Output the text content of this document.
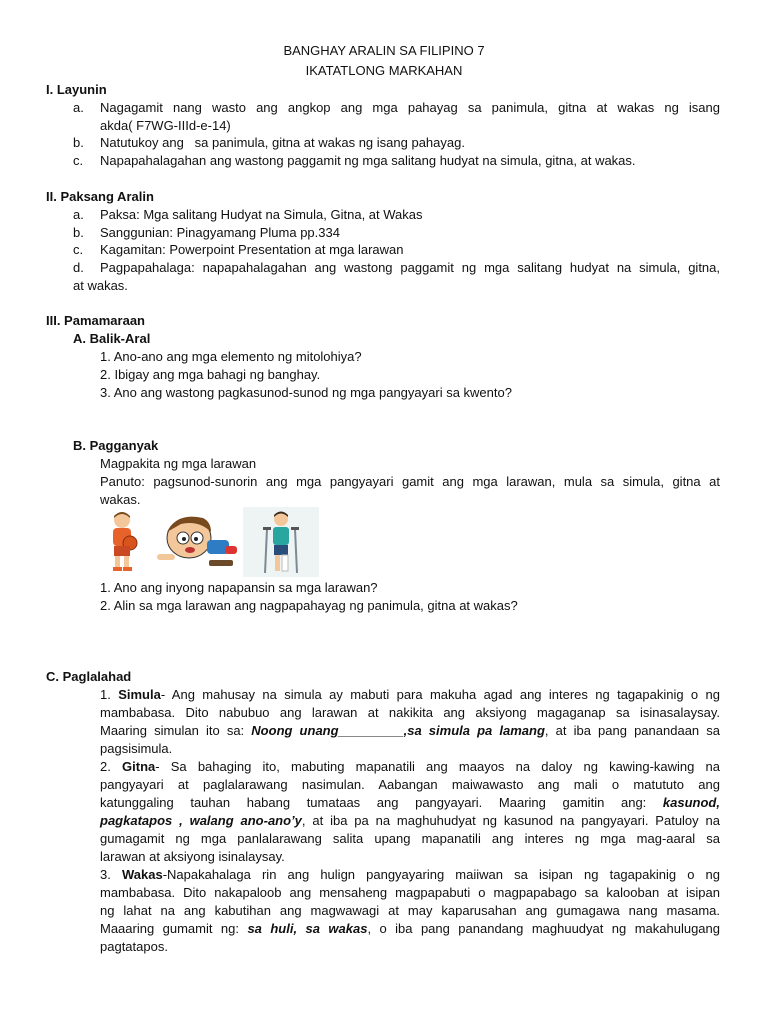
BANGHAY ARALIN SA FILIPINO 7
IKATATLONG MARKAHAN
I. Layunin
a. Nagagamit nang wasto ang angkop ang mga pahayag sa panimula, gitna at wakas ng isang
akda( F7WG-IIId-e-14)
b. Natutukoy ang   sa panimula, gitna at wakas ng isang pahayag.
c. Napapahalagahan ang wastong paggamit ng mga salitang hudyat na simula, gitna, at wakas.
II. Paksang Aralin
a. Paksa: Mga salitang Hudyat na Simula, Gitna, at Wakas
b. Sanggunian: Pinagyamang Pluma pp.334
c. Kagamitan: Powerpoint Presentation at mga larawan
d. Pagpapahalaga: napapahalagahan ang wastong paggamit ng mga salitang hudyat na simula, gitna,
at wakas.
III. Pamamaraan
A. Balik-Aral
1. Ano-ano ang mga elemento ng mitolohiya?
2. Ibigay ang mga bahagi ng banghay.
3. Ano ang wastong pagkasunod-sunod ng mga pangyayari sa kwento?
B. Pagganyak
Magpakita ng mga larawan
Panuto: pagsunod-sunorin ang mga pangyayari gamit ang mga larawan, mula sa simula, gitna at
wakas.
1. Ano ang inyong napapansin sa mga larawan?
2. Alin sa mga larawan ang nagpapahayag ng panimula, gitna at wakas?
C. Paglalahad
1. Simula- Ang mahusay na simula ay mabuti para makuha agad ang interes ng tagapakinig o ng
mambabasa. Dito nabubuo ang larawan at nakikita ang aksiyong magaganap sa isinasalaysay.
Maaring simulan ito sa: Noong unang_________,sa simula pa lamang, at iba pang panandaan sa
pagsisimula.
2. Gitna- Sa bahaging ito, mabuting mapanatili ang maayos na daloy ng kawing-kawing na
pangyayari at paglalarawang nasimulan. Aabangan maiwawasto ang mali o matututo ang
katunggaling tauhan habang tumataas ang pangyayari. Maaring gamitin ang: kasunod,
pagkatapos , walang ano-ano’y, at iba pa na maghuhudyat ng kasunod na pangyayari. Patuloy na
gumagamit ng mga panlalarawang salita upang mapanatili ang interes ng mga mag-aaral sa
larawan at aksiyong isinalaysay.
3. Wakas-Napakahalaga rin ang hulign pangyayaring maiiwan sa isipan ng tagapakinig o ng
mambabasa. Dito nakapaloob ang mensaheng magpapabuti o magpapabago sa kalooban at isipan
ng lahat na ang kabutihan ang magwawagi at may kaparusahan ang gumagawa nang masama.
Maaaring gumamit ng: sa huli, sa wakas, o iba pang panandang maghuudyat ng makahulugang
pagtatapos.
